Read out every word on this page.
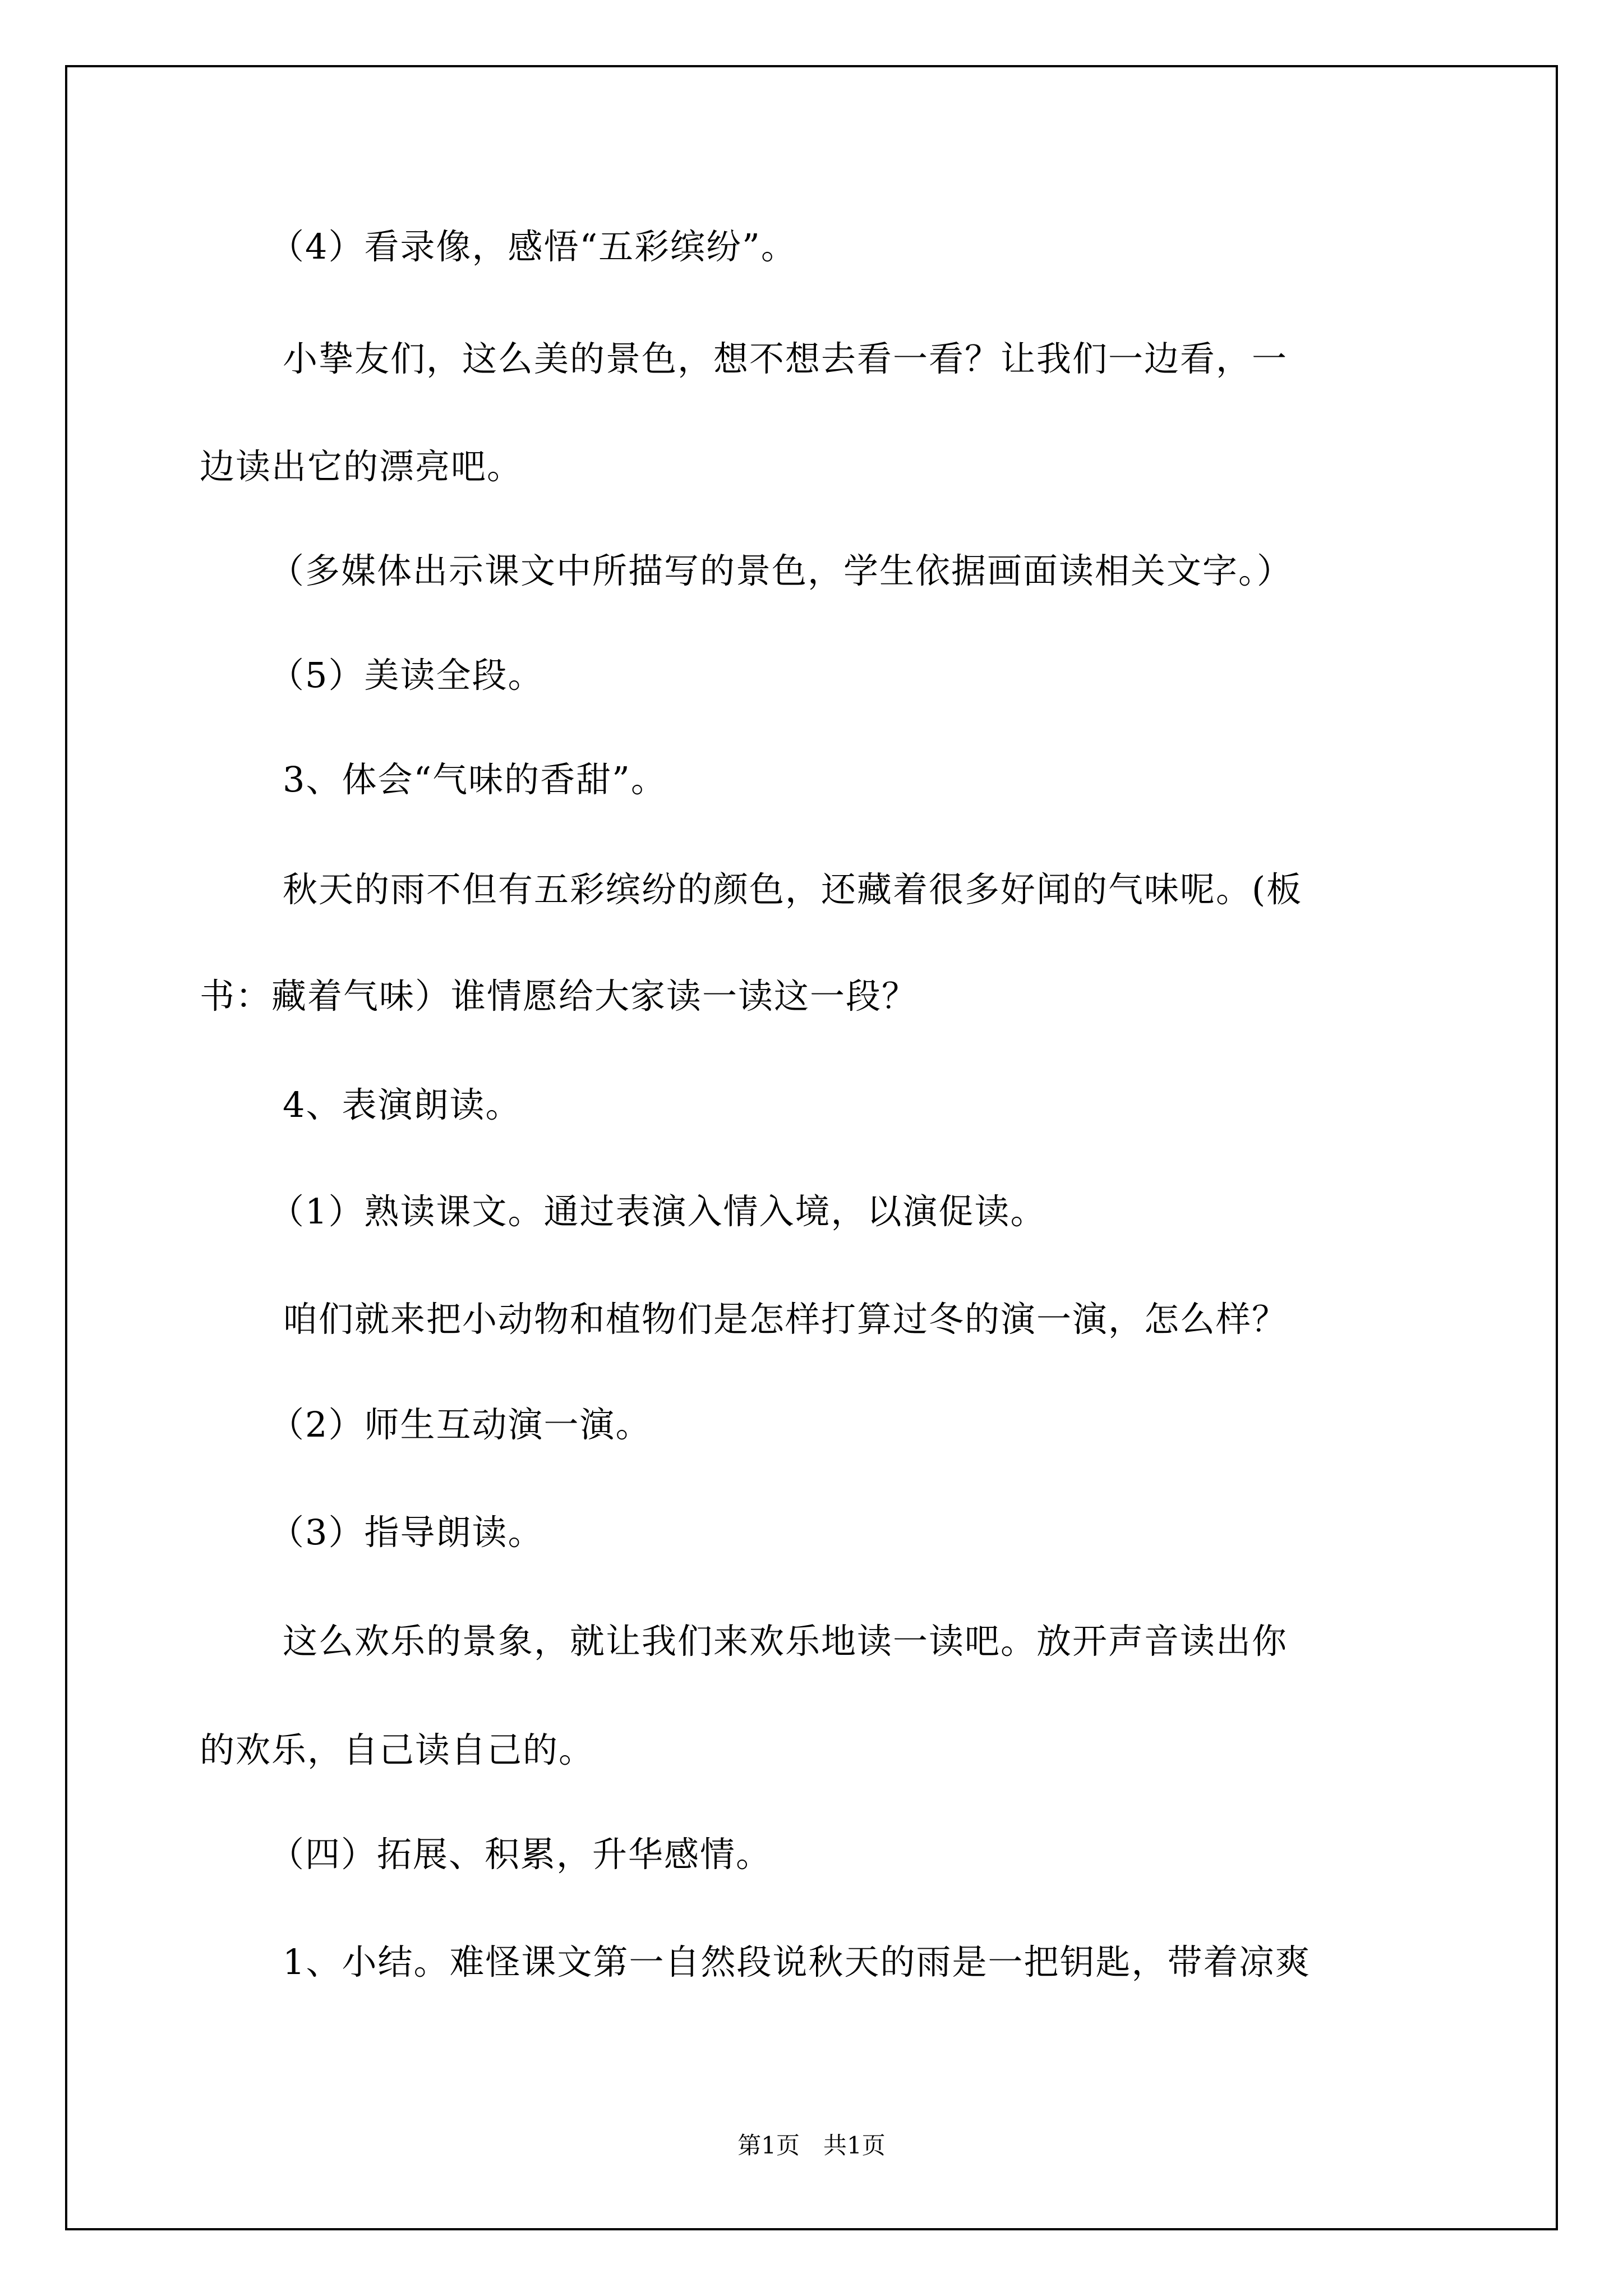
（4）看录像，感悟“五彩缤纷”。
小挚友们，这么美的景色，想不想去看一看？让我们一边看，一
边读出它的漂亮吧。
（多媒体出示课文中所描写的景色，学生依据画面读相关文字。）
（5）美读全段。
3、体会“气味的香甜”。
秋天的雨不但有五彩缤纷的颜色，还藏着很多好闻的气味呢。(板
书：藏着气味）谁情愿给大家读一读这一段？
4、表演朗读。
（1）熟读课文。通过表演入情入境，以演促读。
咱们就来把小动物和植物们是怎样打算过冬的演一演，怎么样？
（2）师生互动演一演。
（3）指导朗读。
这么欢乐的景象，就让我们来欢乐地读一读吧。放开声音读出你
的欢乐，自己读自己的。
（四）拓展、积累，升华感情。
1、小结。难怪课文第一自然段说秋天的雨是一把钥匙，带着凉爽
第1页　共1页
